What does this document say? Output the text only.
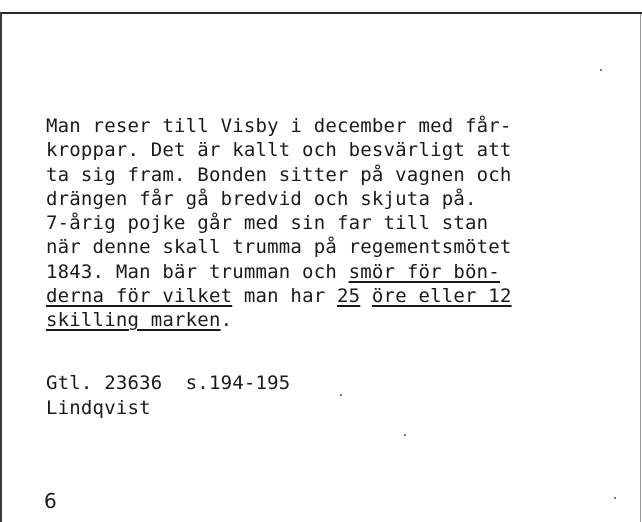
Man reser till Visby i december med får-
kroppar. Det är kallt och besvärligt att
ta sig fram. Bonden sitter på vagnen och
drängen får gå bredvid och skjuta på.
7-årig pojke går med sin far till stan
när denne skall trumma på regementsmötet
1843. Man bär trumman och smör för bön-
derna för vilket man har 25 öre eller 12
skilling marken.
Gtl. 23636  s.194-195
Lindqvist
6
